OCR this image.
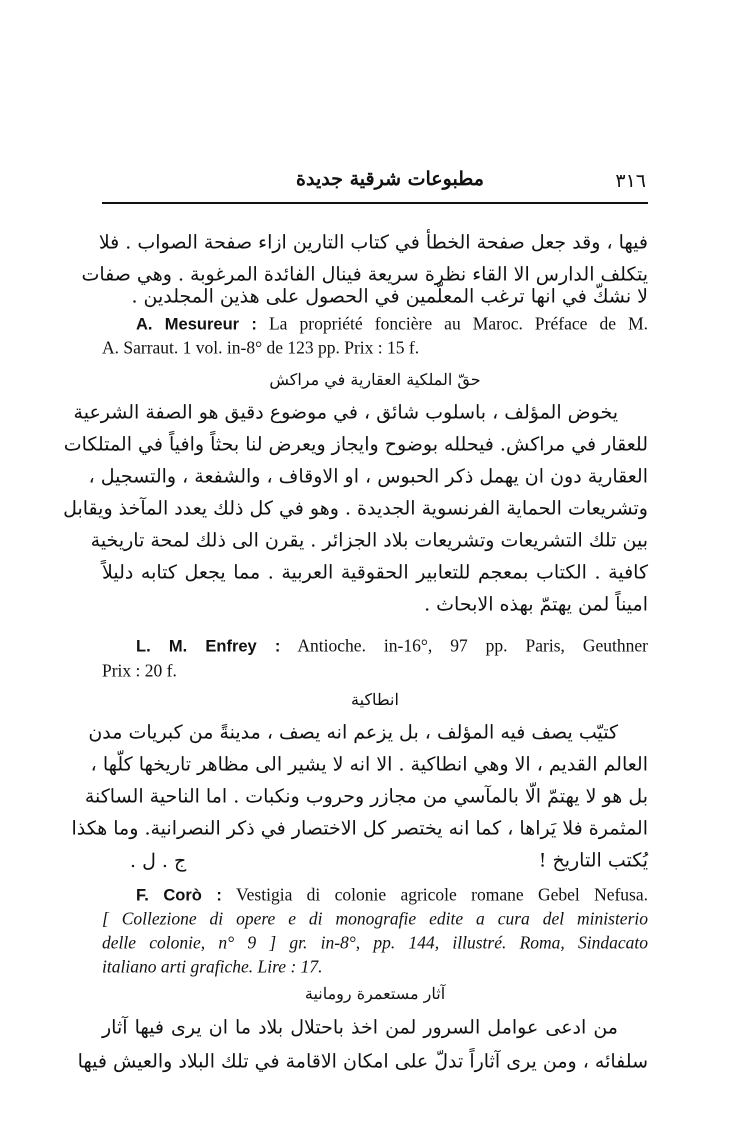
٣١٦
مطبوعات شرقية جديدة
فيها ، وقد جعل صفحة الخطأ في كتاب التارين ازاء صفحة الصواب . فلا
يتكلف الدارس الا القاء نظرة سريعة فينال الفائدة المرغوبة . وهي صفات
لا نشكّ في انها ترغب المعلّمين في الحصول على هذين المجلدين .
A. Mesureur : La propriété foncière au Maroc. Préface de M.
A. Sarraut. 1 vol. in-8° de 123 pp. Prix : 15 f.
حقّ الملكية العقارية في مراكش
يخوض المؤلف ، باسلوب شائق ، في موضوع دقيق هو الصفة الشرعية
للعقار في مراكش. فيحلله بوضوح وايجاز ويعرض لنا بحثاً وافياً في المتلكات
العقارية دون ان يهمل ذكر الحبوس ، او الاوقاف ، والشفعة ، والتسجيل ،
وتشريعات الحماية الفرنسوية الجديدة . وهو في كل ذلك يعدد المآخذ ويقابل
بين تلك التشريعات وتشريعات بلاد الجزائر . يقرن الى ذلك لمحة تاريخية
كافية . الكتاب بمعجم للتعابير الحقوقية العربية . مما يجعل كتابه دليلاً
اميناً لمن يهتمّ بهذه الابحاث .
L. M. Enfrey : Antioche. in-16°, 97 pp. Paris, Geuthner
Prix : 20 f.
انطاكية
كتيّب يصف فيه المؤلف ، بل يزعم انه يصف ، مدينةً من كبريات مدن
العالم القديم ، الا وهي انطاكية . الا انه لا يشير الى مظاهر تاريخها كلّها ،
بل هو لا يهتمّ الّا بالمآسي من مجازر وحروب ونكبات . اما الناحية الساكنة
المثمرة فلا يَراها ، كما انه يختصر كل الاختصار في ذكر النصرانية. وما هكذا
يُكتب التاريخ !
ج . ل .
F. Corò : Vestigia di colonie agricole romane Gebel Nefusa.
[ Collezione di opere e di monografie edite a cura del ministerio
delle colonie, n° 9 ] gr. in-8°, pp. 144, illustré. Roma, Sindacato
italiano arti grafiche. Lire : 17.
آثار مستعمرة رومانية
من ادعى عوامل السرور لمن اخذ باحتلال بلاد ما ان يرى فيها آثار
سلفائه ، ومن يرى آثاراً تدلّ على امكان الاقامة في تلك البلاد والعيش فيها
